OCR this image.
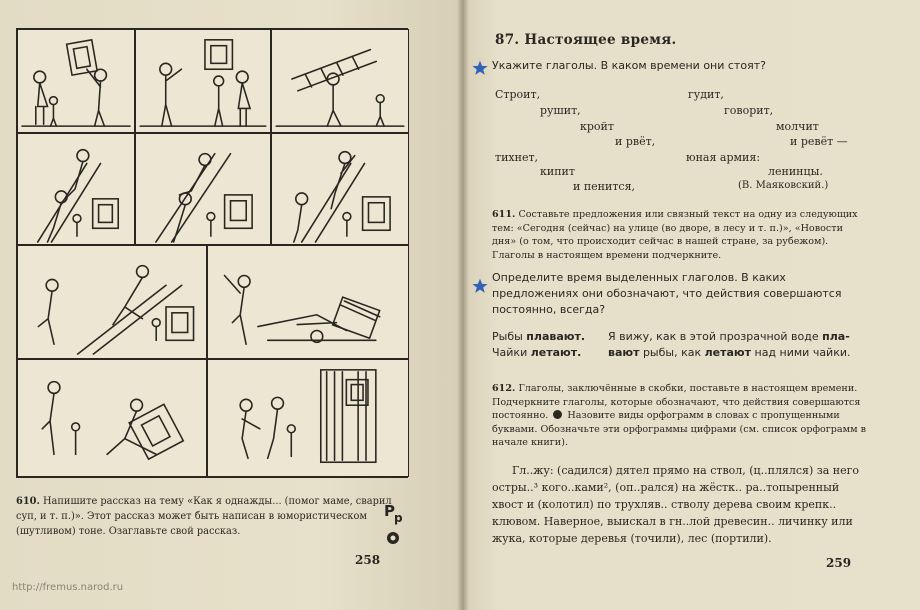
610. Напишите рассказ на тему «Как я однажды... (помог маме, сварил суп, и т. п.)». Этот рассказ может быть написан в юмористическом (шутливом) тоне. Озаглавьте свой рассказ.
Р р
258
http://fremus.narod.ru
87. Настоящее время.
Укажите глаголы. В каком времени они стоят?
Строит,	гудит,
рушит,	говорит,
кройт	молчит
и рвёт,	и ревёт —
тихнет,	юная армия:
кипит	ленинцы.
и пенится,	(В. Маяковский.)
611. Составьте предложения или связный текст на одну из следующих тем: «Сегодня (сейчас) на улице (во дворе, в лесу и т. п.)», «Новости дня» (о том, что происходит сейчас в нашей стране, за рубежом). Глаголы в настоящем времени подчеркните.
Определите время выделенных глаголов. В каких предложениях они обозначают, что действия совершаются постоянно, всегда?
Рыбы плавают.
Чайки летают.
Я вижу, как в этой прозрачной воде пла-
вают рыбы, как летают над ними чайки.
612. Глаголы, заключённые в скобки, поставьте в настоящем времени. Подчеркните глаголы, которые обозначают, что действия совершаются постоянно. Назовите виды орфограмм в словах с пропущенными буквами. Обозначьте эти орфограммы цифрами (см. список орфограмм в начале книги).
Гл..жу: (садился) дятел прямо на ствол, (ц..плялся) за него остры..³ кого..ками², (оп..рался) на жёстк.. ра..топыренный хвост и (колотил) по трухляв.. стволу дерева своим крепк.. клювом. Наверное, выискал в гн..лой древесин.. личинку или жука, которые деревья (точили), лес (портили).
259
